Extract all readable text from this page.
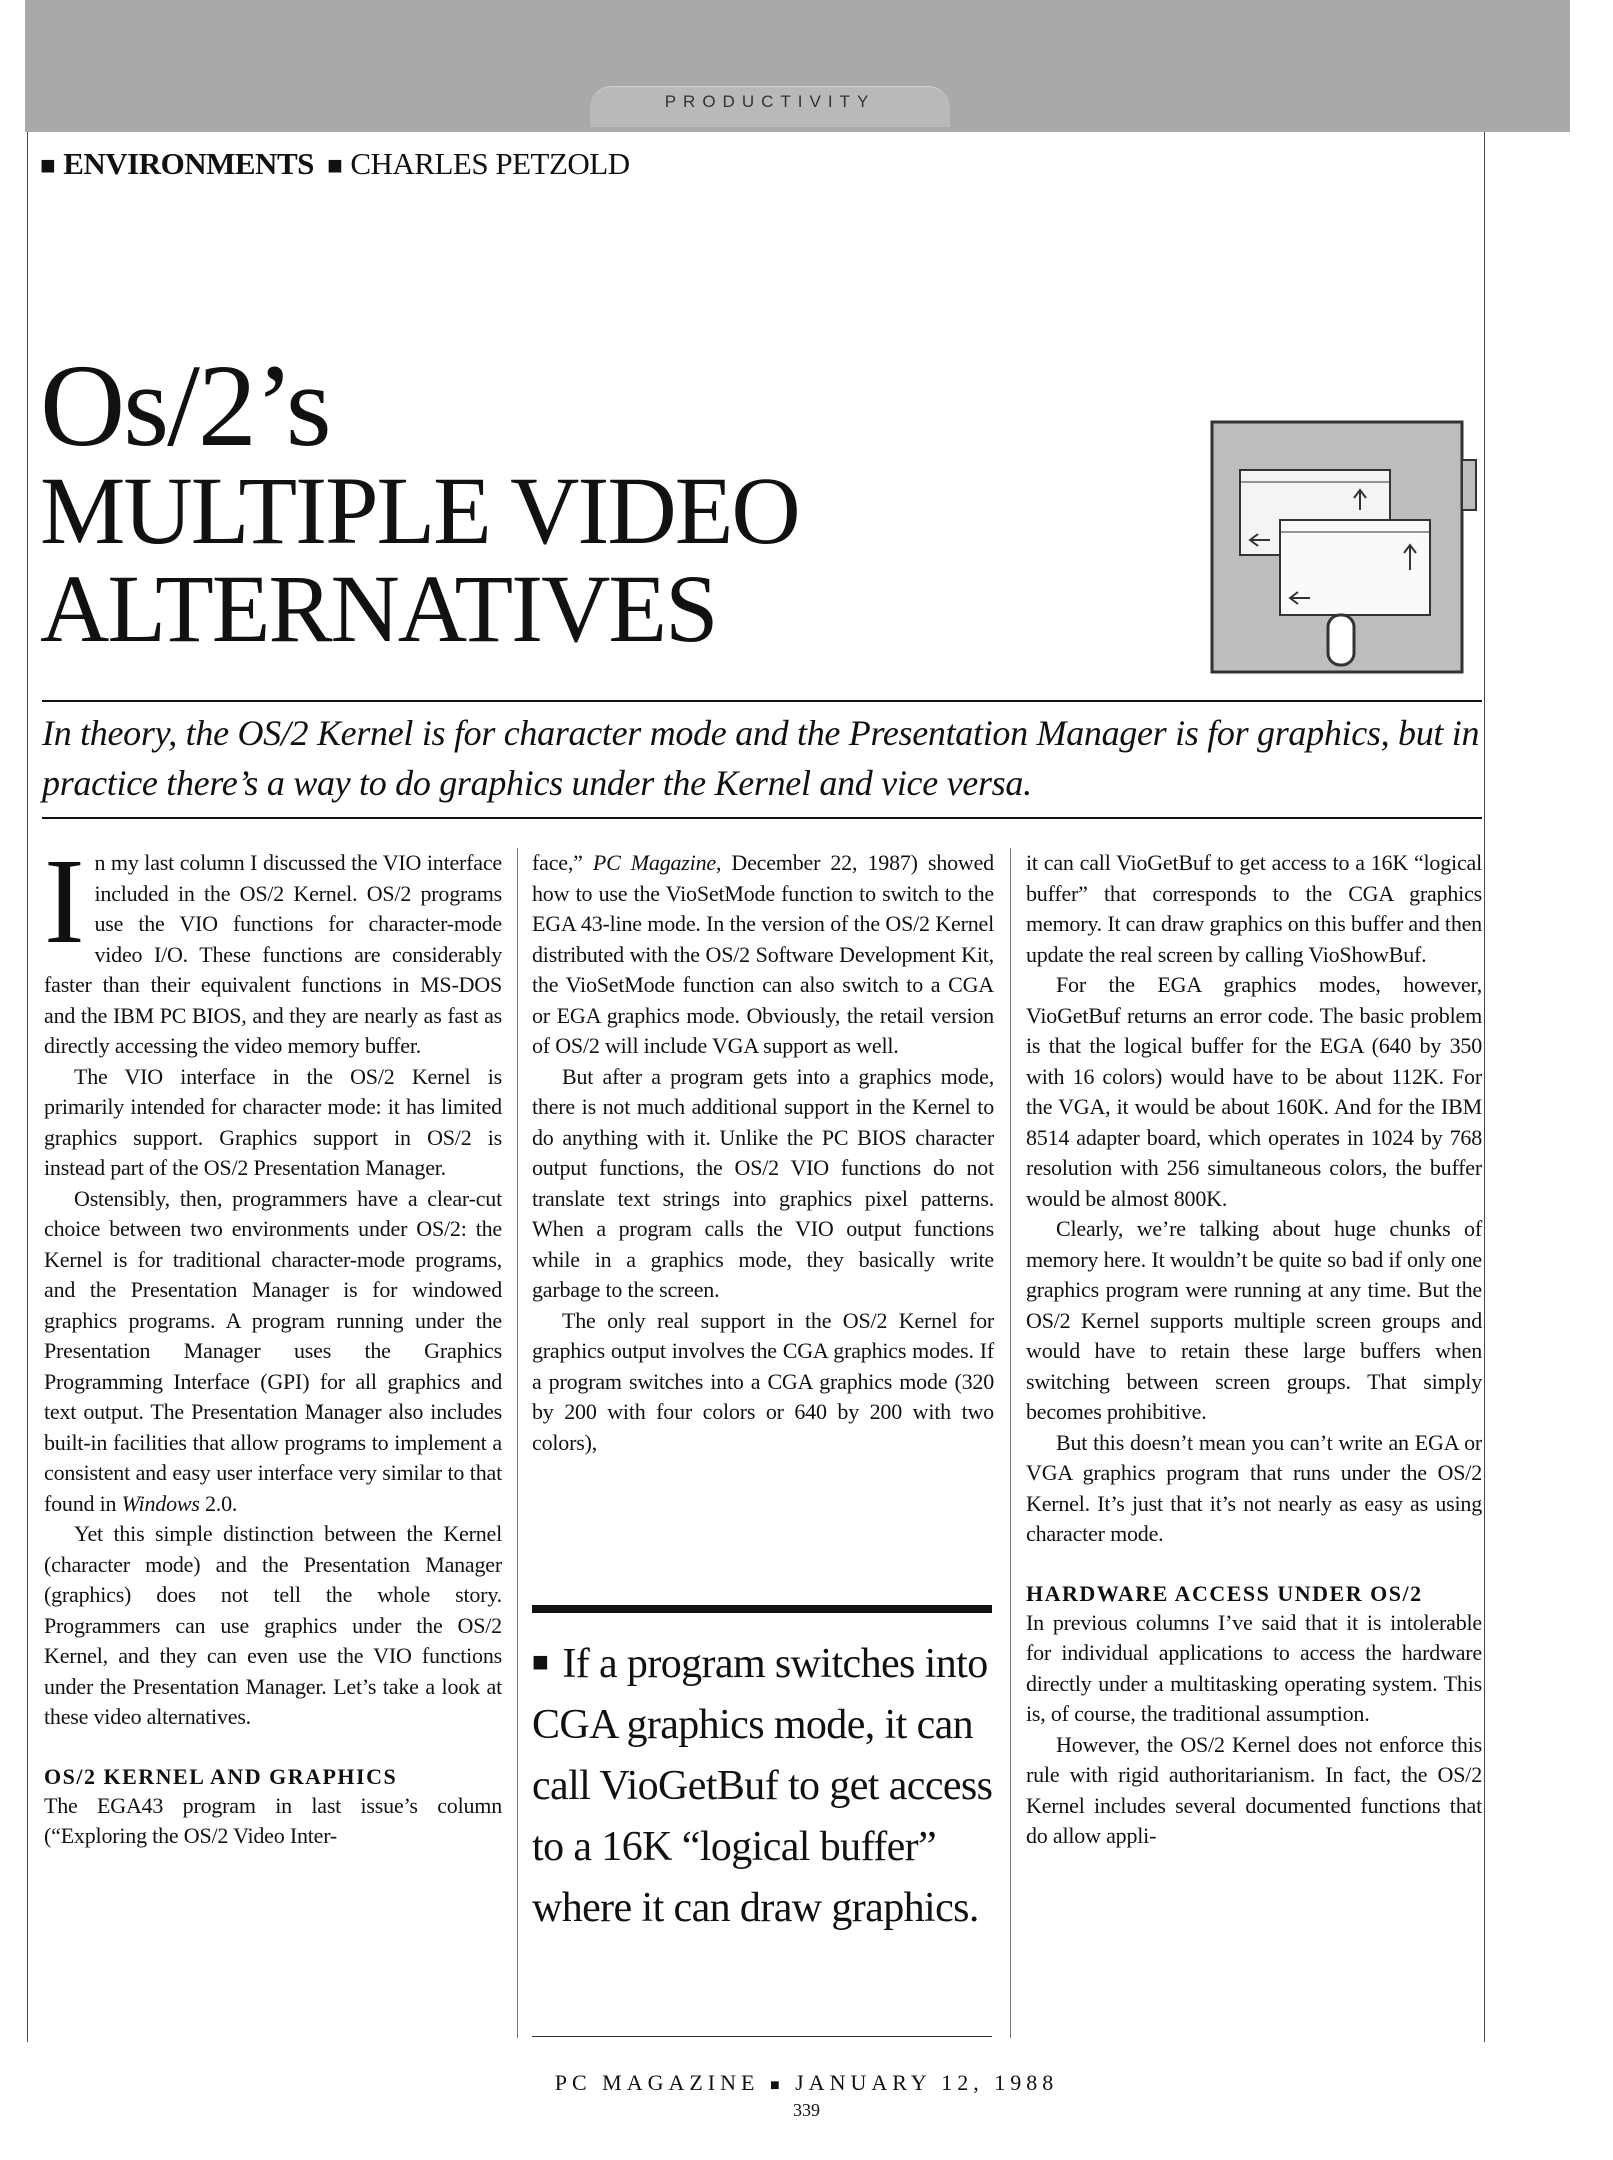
PRODUCTIVITY
■ ENVIRONMENTS ■ CHARLES PETZOLD
Os/2’s
MULTIPLE VIDEO
ALTERNATIVES
In theory, the OS/2 Kernel is for character mode and the Presentation Manager is for graphics, but in practice there’s a way to do graphics under the Kernel and vice versa.

In my last column I discussed the VIO interface included in the OS/2 Kernel. OS/2 programs use the VIO functions for character-mode video I/O. These functions are considerably faster than their equivalent functions in MS-DOS and the IBM PC BIOS, and they are nearly as fast as directly accessing the video memory buffer.

The VIO interface in the OS/2 Kernel is primarily intended for character mode: it has limited graphics support. Graphics support in OS/2 is instead part of the OS/2 Presentation Manager.

Ostensibly, then, programmers have a clear-cut choice between two environments under OS/2: the Kernel is for traditional character-mode programs, and the Presentation Manager is for windowed graphics programs. A program running under the Presentation Manager uses the Graphics Programming Interface (GPI) for all graphics and text output. The Presentation Manager also includes built-in facilities that allow programs to implement a consistent and easy user interface very similar to that found in Windows 2.0.

Yet this simple distinction between the Kernel (character mode) and the Presentation Manager (graphics) does not tell the whole story. Programmers can use graphics under the OS/2 Kernel, and they can even use the VIO functions under the Presentation Manager. Let’s take a look at these video alternatives.

OS/2 KERNEL AND GRAPHICS

The EGA43 program in last issue’s column (“Exploring the OS/2 Video Inter-

face,” PC Magazine, December 22, 1987) showed how to use the VioSetMode function to switch to the EGA 43-line mode. In the version of the OS/2 Kernel distributed with the OS/2 Software Development Kit, the VioSetMode function can also switch to a CGA or EGA graphics mode. Obviously, the retail version of OS/2 will include VGA support as well.

But after a program gets into a graphics mode, there is not much additional support in the Kernel to do anything with it. Unlike the PC BIOS character output functions, the OS/2 VIO functions do not translate text strings into graphics pixel patterns. When a program calls the VIO output functions while in a graphics mode, they basically write garbage to the screen.

The only real support in the OS/2 Kernel for graphics output involves the CGA graphics modes. If a program switches into a CGA graphics mode (320 by 200 with four colors or 640 by 200 with two colors),

■ If a program switches into CGA graphics mode, it can call VioGetBuf to get access to a 16K “logical buffer” where it can draw graphics.

it can call VioGetBuf to get access to a 16K “logical buffer” that corresponds to the CGA graphics memory. It can draw graphics on this buffer and then update the real screen by calling VioShowBuf.

For the EGA graphics modes, however, VioGetBuf returns an error code. The basic problem is that the logical buffer for the EGA (640 by 350 with 16 colors) would have to be about 112K. For the VGA, it would be about 160K. And for the IBM 8514 adapter board, which operates in 1024 by 768 resolution with 256 simultaneous colors, the buffer would be almost 800K.

Clearly, we’re talking about huge chunks of memory here. It wouldn’t be quite so bad if only one graphics program were running at any time. But the OS/2 Kernel supports multiple screen groups and would have to retain these large buffers when switching between screen groups. That simply becomes prohibitive.

But this doesn’t mean you can’t write an EGA or VGA graphics program that runs under the OS/2 Kernel. It’s just that it’s not nearly as easy as using character mode.

HARDWARE ACCESS UNDER OS/2

In previous columns I’ve said that it is intolerable for individual applications to access the hardware directly under a multitasking operating system. This is, of course, the traditional assumption.

However, the OS/2 Kernel does not enforce this rule with rigid authoritarianism. In fact, the OS/2 Kernel includes several documented functions that do allow appli-

PC MAGAZINE ■ JANUARY 12, 1988
339
